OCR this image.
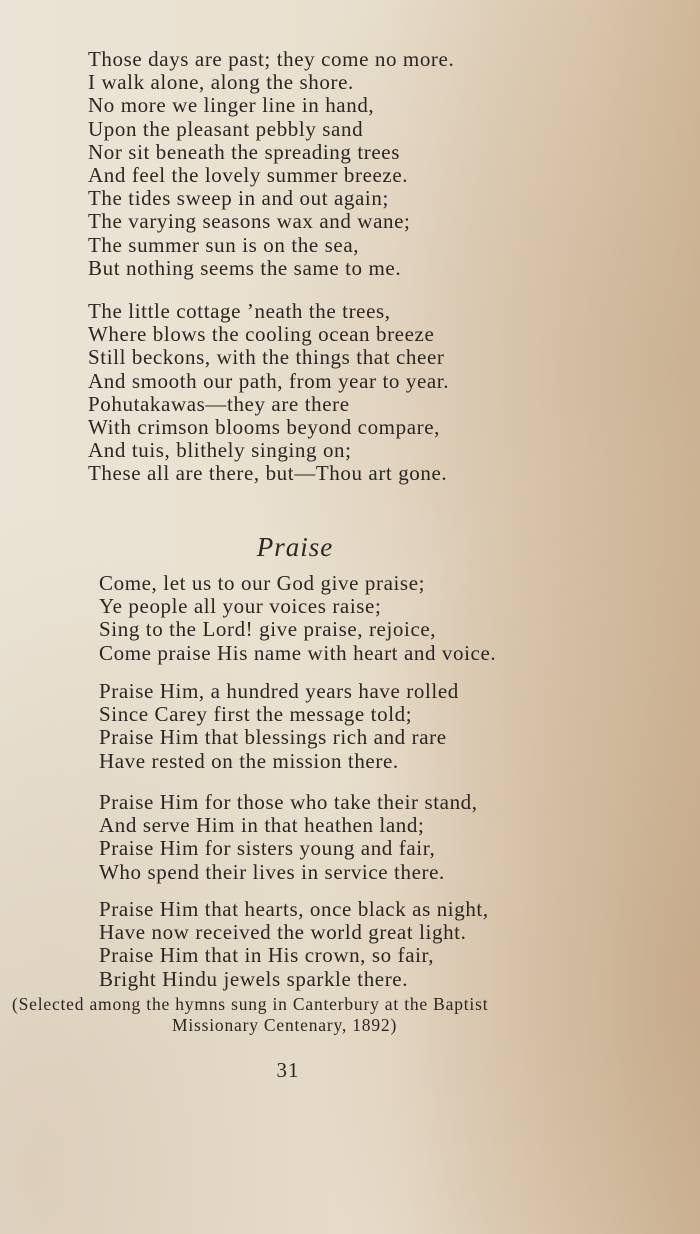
Those days are past; they come no more.
I walk alone, along the shore.
No more we linger line in hand,
Upon the pleasant pebbly sand
Nor sit beneath the spreading trees
And feel the lovely summer breeze.
The tides sweep in and out again;
The varying seasons wax and wane;
The summer sun is on the sea,
But nothing seems the same to me.
The little cottage ’neath the trees,
Where blows the cooling ocean breeze
Still beckons, with the things that cheer
And smooth our path, from year to year.
Pohutakawas—they are there
With crimson blooms beyond compare,
And tuis, blithely singing on;
These all are there, but—Thou art gone.
Praise
Come, let us to our God give praise;
Ye people all your voices raise;
Sing to the Lord! give praise, rejoice,
Come praise His name with heart and voice.
Praise Him, a hundred years have rolled
Since Carey first the message told;
Praise Him that blessings rich and rare
Have rested on the mission there.
Praise Him for those who take their stand,
And serve Him in that heathen land;
Praise Him for sisters young and fair,
Who spend their lives in service there.
Praise Him that hearts, once black as night,
Have now received the world great light.
Praise Him that in His crown, so fair,
Bright Hindu jewels sparkle there.
(Selected among the hymns sung in Canterbury at the Baptist
Missionary Centenary, 1892)
31
